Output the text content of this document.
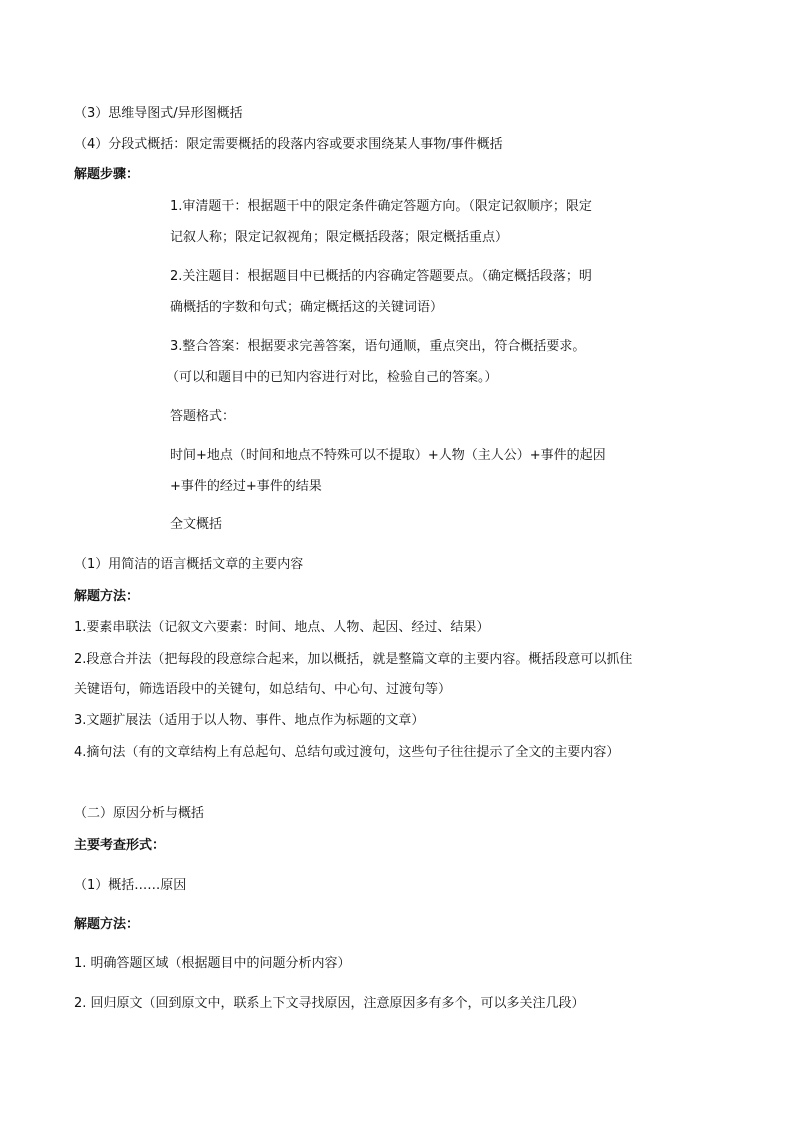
（3）思维导图式/异形图概括
（4）分段式概括：限定需要概括的段落内容或要求围绕某人事物/事件概括
解题步骤：
1.审清题干：根据题干中的限定条件确定答题方向。（限定记叙顺序；限定
记叙人称；限定记叙视角；限定概括段落；限定概括重点）
2.关注题目：根据题目中已概括的内容确定答题要点。（确定概括段落；明
确概括的字数和句式；确定概括这的关键词语）
3.整合答案：根据要求完善答案，语句通顺，重点突出，符合概括要求。
（可以和题目中的已知内容进行对比，检验自己的答案。）
答题格式：
时间+地点（时间和地点不特殊可以不提取）+人物（主人公）+事件的起因
+事件的经过+事件的结果
全文概括
（1）用简洁的语言概括文章的主要内容
解题方法：
1.要素串联法（记叙文六要素：时间、地点、人物、起因、经过、结果）
2.段意合并法（把每段的段意综合起来，加以概括，就是整篇文章的主要内容。概括段意可以抓住
关键语句，筛选语段中的关键句，如总结句、中心句、过渡句等）
3.文题扩展法（适用于以人物、事件、地点作为标题的文章）
4.摘句法（有的文章结构上有总起句、总结句或过渡句，这些句子往往提示了全文的主要内容）
（二）原因分析与概括
主要考查形式：
（1）概括……原因
解题方法：
1. 明确答题区域（根据题目中的问题分析内容）
2. 回归原文（回到原文中，联系上下文寻找原因，注意原因多有多个，可以多关注几段）
